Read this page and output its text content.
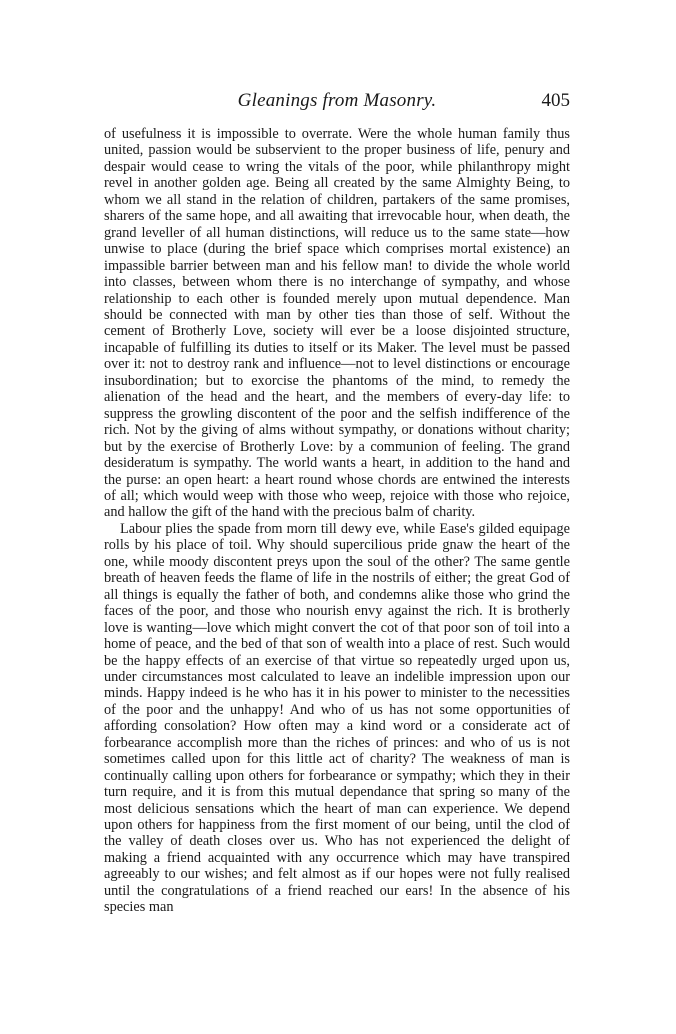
Gleanings from Masonry.	405

of usefulness it is impossible to overrate. Were the whole human family thus united, passion would be subservient to the proper business of life, penury and despair would cease to wring the vitals of the poor, while philanthropy might revel in another golden age. Being all created by the same Almighty Being, to whom we all stand in the relation of children, partakers of the same promises, sharers of the same hope, and all awaiting that irrevocable hour, when death, the grand leveller of all human distinctions, will reduce us to the same state—how unwise to place (during the brief space which comprises mortal existence) an impassible barrier between man and his fellow man! to divide the whole world into classes, between whom there is no interchange of sympathy, and whose relationship to each other is founded merely upon mutual dependence. Man should be connected with man by other ties than those of self. Without the cement of Brotherly Love, society will ever be a loose disjointed structure, incapable of fulfilling its duties to itself or its Maker. The level must be passed over it: not to destroy rank and influence—not to level distinctions or encourage insubordination; but to exorcise the phantoms of the mind, to remedy the alienation of the head and the heart, and the members of every-day life: to suppress the growling discontent of the poor and the selfish indifference of the rich. Not by the giving of alms without sympathy, or donations without charity; but by the exercise of Brotherly Love: by a communion of feeling. The grand desideratum is sympathy. The world wants a heart, in addition to the hand and the purse: an open heart: a heart round whose chords are entwined the interests of all; which would weep with those who weep, rejoice with those who rejoice, and hallow the gift of the hand with the precious balm of charity.

Labour plies the spade from morn till dewy eve, while Ease's gilded equipage rolls by his place of toil. Why should supercilious pride gnaw the heart of the one, while moody discontent preys upon the soul of the other? The same gentle breath of heaven feeds the flame of life in the nostrils of either; the great God of all things is equally the father of both, and condemns alike those who grind the faces of the poor, and those who nourish envy against the rich. It is brotherly love is wanting—love which might convert the cot of that poor son of toil into a home of peace, and the bed of that son of wealth into a place of rest. Such would be the happy effects of an exercise of that virtue so repeatedly urged upon us, under circumstances most calculated to leave an indelible impression upon our minds. Happy indeed is he who has it in his power to minister to the necessities of the poor and the unhappy! And who of us has not some opportunities of affording consolation? How often may a kind word or a considerate act of forbearance accomplish more than the riches of princes: and who of us is not sometimes called upon for this little act of charity? The weakness of man is continually calling upon others for forbearance or sympathy; which they in their turn require, and it is from this mutual dependance that spring so many of the most delicious sensations which the heart of man can experience. We depend upon others for happiness from the first moment of our being, until the clod of the valley of death closes over us. Who has not experienced the delight of making a friend acquainted with any occurrence which may have transpired agreeably to our wishes; and felt almost as if our hopes were not fully realised until the congratulations of a friend reached our ears! In the absence of his species man
